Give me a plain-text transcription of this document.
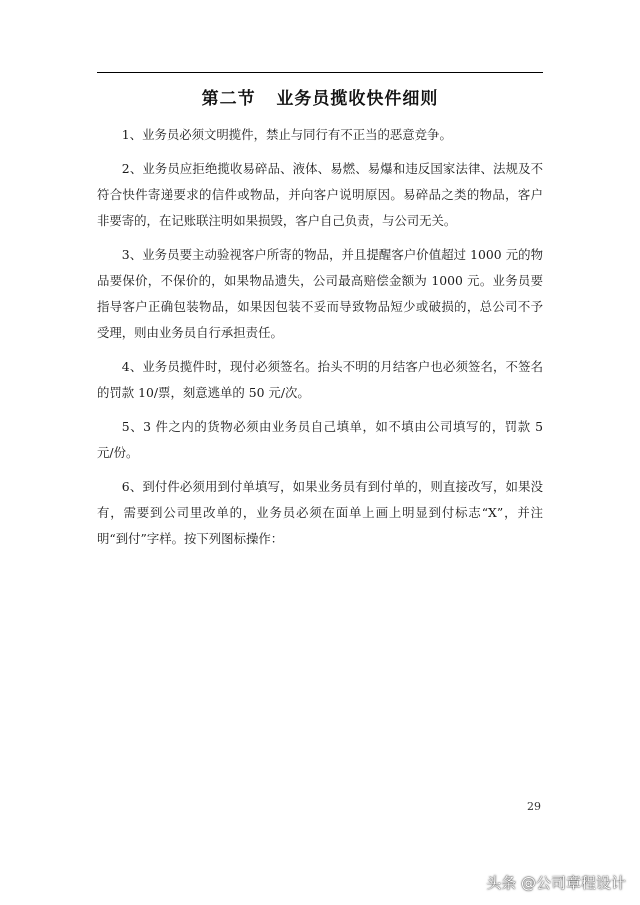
第二节   业务员揽收快件细则

1、业务员必须文明揽件，禁止与同行有不正当的恶意竞争。

2、业务员应拒绝揽收易碎品、液体、易燃、易爆和违反国家法律、法规及不符合快件寄递要求的信件或物品，并向客户说明原因。易碎品之类的物品，客户非要寄的，在记账联注明如果损毁，客户自己负责，与公司无关。

3、业务员要主动验视客户所寄的物品，并且提醒客户价值超过 1000 元的物品要保价，不保价的，如果物品遗失，公司最高赔偿金额为 1000 元。业务员要指导客户正确包装物品，如果因包装不妥而导致物品短少或破损的，总公司不予受理，则由业务员自行承担责任。

4、业务员揽件时，现付必须签名。抬头不明的月结客户也必须签名，不签名的罚款 10/票，刻意逃单的 50 元/次。

5、3 件之内的货物必须由业务员自己填单，如不填由公司填写的，罚款 5 元/份。

6、到付件必须用到付单填写，如果业务员有到付单的，则直接改写，如果没有，需要到公司里改单的，业务员必须在面单上画上明显到付标志“X”，并注明“到付”字样。按下列图标操作：

29
头条 @公司章程设计
